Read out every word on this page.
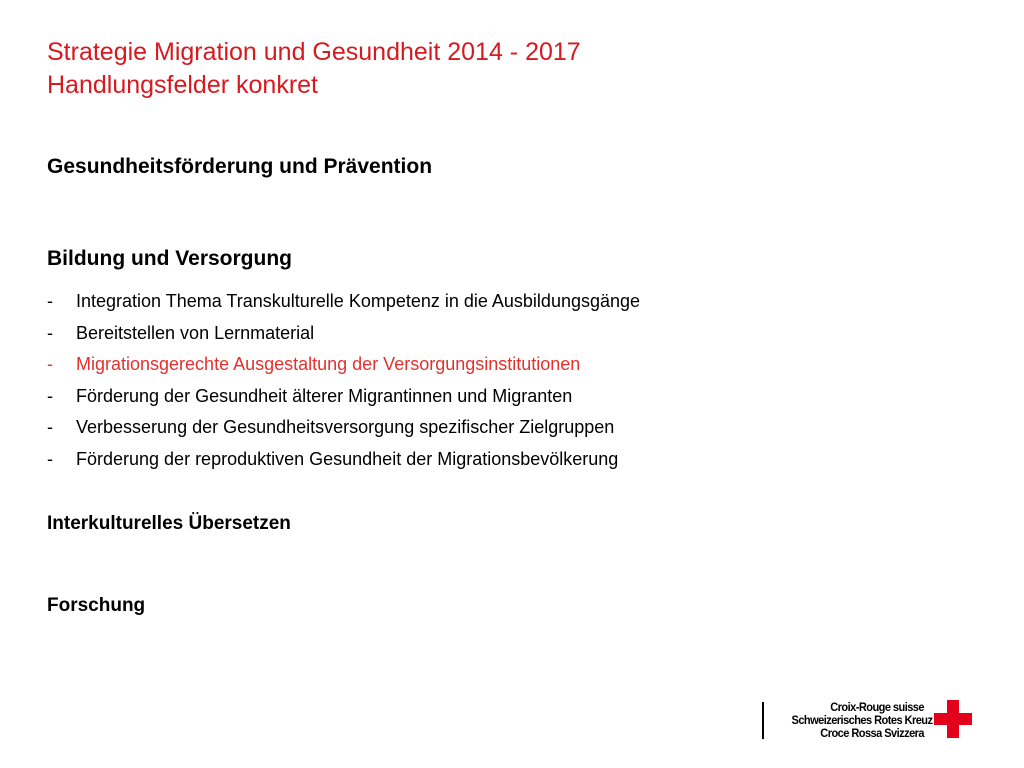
Strategie Migration und Gesundheit 2014 - 2017
Handlungsfelder konkret
Gesundheitsförderung und Prävention
Bildung und Versorgung
- Integration Thema Transkulturelle Kompetenz in die Ausbildungsgänge
- Bereitstellen von Lernmaterial
- Migrationsgerechte Ausgestaltung der Versorgungsinstitutionen
- Förderung der Gesundheit älterer Migrantinnen und Migranten
- Verbesserung der Gesundheitsversorgung spezifischer Zielgruppen
- Förderung der reproduktiven Gesundheit der Migrationsbevölkerung
Interkulturelles Übersetzen
Forschung
Croix-Rouge suisse
Schweizerisches Rotes Kreuz
Croce Rossa Svizzera
